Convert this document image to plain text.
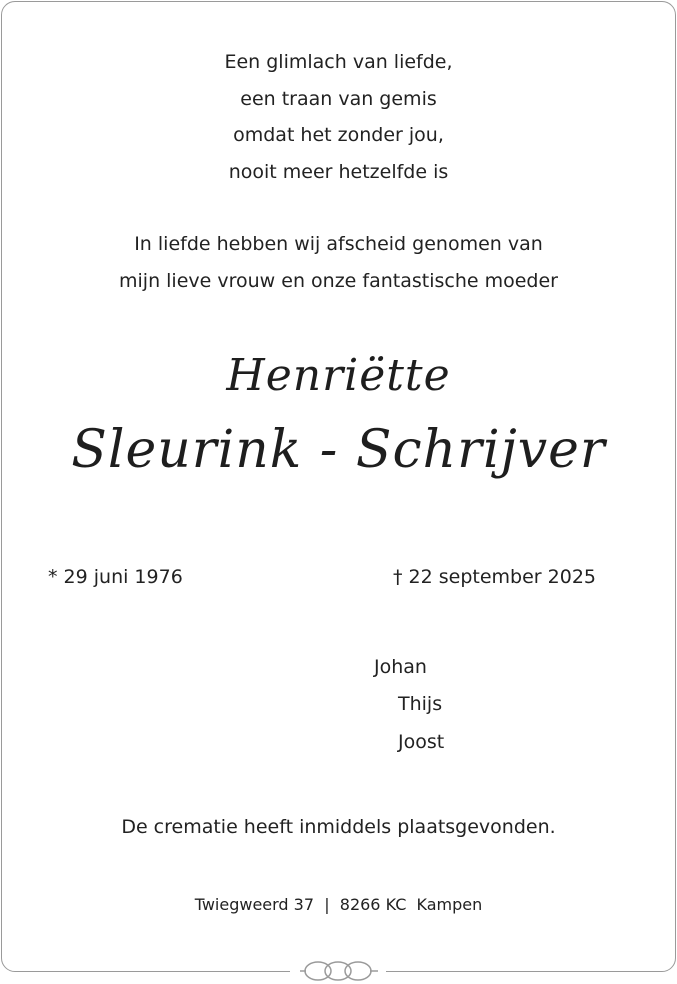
Een glimlach van liefde,
een traan van gemis
omdat het zonder jou,
nooit meer hetzelfde is
In liefde hebben wij afscheid genomen van
mijn lieve vrouw en onze fantastische moeder
Henriëtte
Sleurink - Schrijver
* 29 juni 1976	† 22 september 2025
Johan
Thijs
Joost
De crematie heeft inmiddels plaatsgevonden.
Twiegweerd 37  |  8266 KC  Kampen
